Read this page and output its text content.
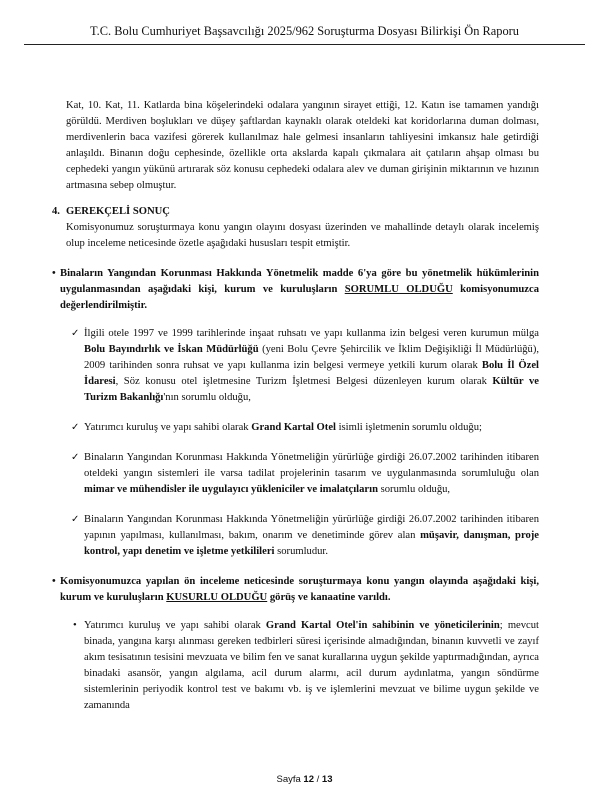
T.C. Bolu Cumhuriyet Başsavcılığı 2025/962 Soruşturma Dosyası Bilirkişi Ön Raporu

Kat, 10. Kat, 11. Katlarda bina köşelerindeki odalara yangının sirayet ettiği, 12. Katın ise tamamen yandığı görüldü. Merdiven boşlukları ve düşey şaftlardan kaynaklı olarak oteldeki kat koridorlarına duman dolması, merdivenlerin baca vazifesi görerek kullanılmaz hale gelmesi insanların tahliyesini imkansız hale getirdiği anlaşıldı. Binanın doğu cephesinde, özellikle orta akslarda kapalı çıkmalara ait çatıların ahşap olması bu cephedeki yangın yükünü artırarak söz konusu cephedeki odalara alev ve duman girişinin miktarının ve hızının artmasına sebep olmuştur.

4. GEREKÇELİ SONUÇ

Komisyonumuz soruşturmaya konu yangın olayını dosyası üzerinden ve mahallinde detaylı olarak incelemiş olup inceleme neticesinde özetle aşağıdaki hususları tespit etmiştir.

• Binaların Yangından Korunması Hakkında Yönetmelik madde 6'ya göre bu yönetmelik hükümlerinin uygulanmasından aşağıdaki kişi, kurum ve kuruluşların SORUMLU OLDUĞU komisyonumuzca değerlendirilmiştir.

✓ İlgili otele 1997 ve 1999 tarihlerinde inşaat ruhsatı ve yapı kullanma izin belgesi veren kurumun mülga Bolu Bayındırlık ve İskan Müdürlüğü (yeni Bolu Çevre Şehircilik ve İklim Değişikliği İl Müdürlüğü), 2009 tarihinden sonra ruhsat ve yapı kullanma izin belgesi vermeye yetkili kurum olarak Bolu İl Özel İdaresi, Söz konusu otel işletmesine Turizm İşletmesi Belgesi düzenleyen kurum olarak Kültür ve Turizm Bakanlığı'nın sorumlu olduğu,

✓ Yatırımcı kuruluş ve yapı sahibi olarak Grand Kartal Otel isimli işletmenin sorumlu olduğu;

✓ Binaların Yangından Korunması Hakkında Yönetmeliğin yürürlüğe girdiği 26.07.2002 tarihinden itibaren oteldeki yangın sistemleri ile varsa tadilat projelerinin tasarım ve uygulanmasında sorumluluğu olan mimar ve mühendisler ile uygulayıcı yükleniciler ve imalatçıların sorumlu olduğu,

✓ Binaların Yangından Korunması Hakkında Yönetmeliğin yürürlüğe girdiği 26.07.2002 tarihinden itibaren yapının yapılması, kullanılması, bakım, onarım ve denetiminde görev alan müşavir, danışman, proje kontrol, yapı denetim ve işletme yetkilileri sorumludur.

• Komisyonumuzca yapılan ön inceleme neticesinde soruşturmaya konu yangın olayında aşağıdaki kişi, kurum ve kuruluşların KUSURLU OLDUĞU görüş ve kanaatine varıldı.

• Yatırımcı kuruluş ve yapı sahibi olarak Grand Kartal Otel'in sahibinin ve yöneticilerinin; mevcut binada, yangına karşı alınması gereken tedbirleri süresi içerisinde almadığından, binanın kuvvetli ve zayıf akım tesisatının tesisini mevzuata ve bilim fen ve sanat kurallarına uygun şekilde yaptırmadığından, ayrıca binadaki asansör, yangın algılama, acil durum alarmı, acil durum aydınlatma, yangın söndürme sistemlerinin periyodik kontrol test ve bakımı vb. iş ve işlemlerini mevzuat ve bilime uygun şekilde ve zamanında

Sayfa 12 / 13
